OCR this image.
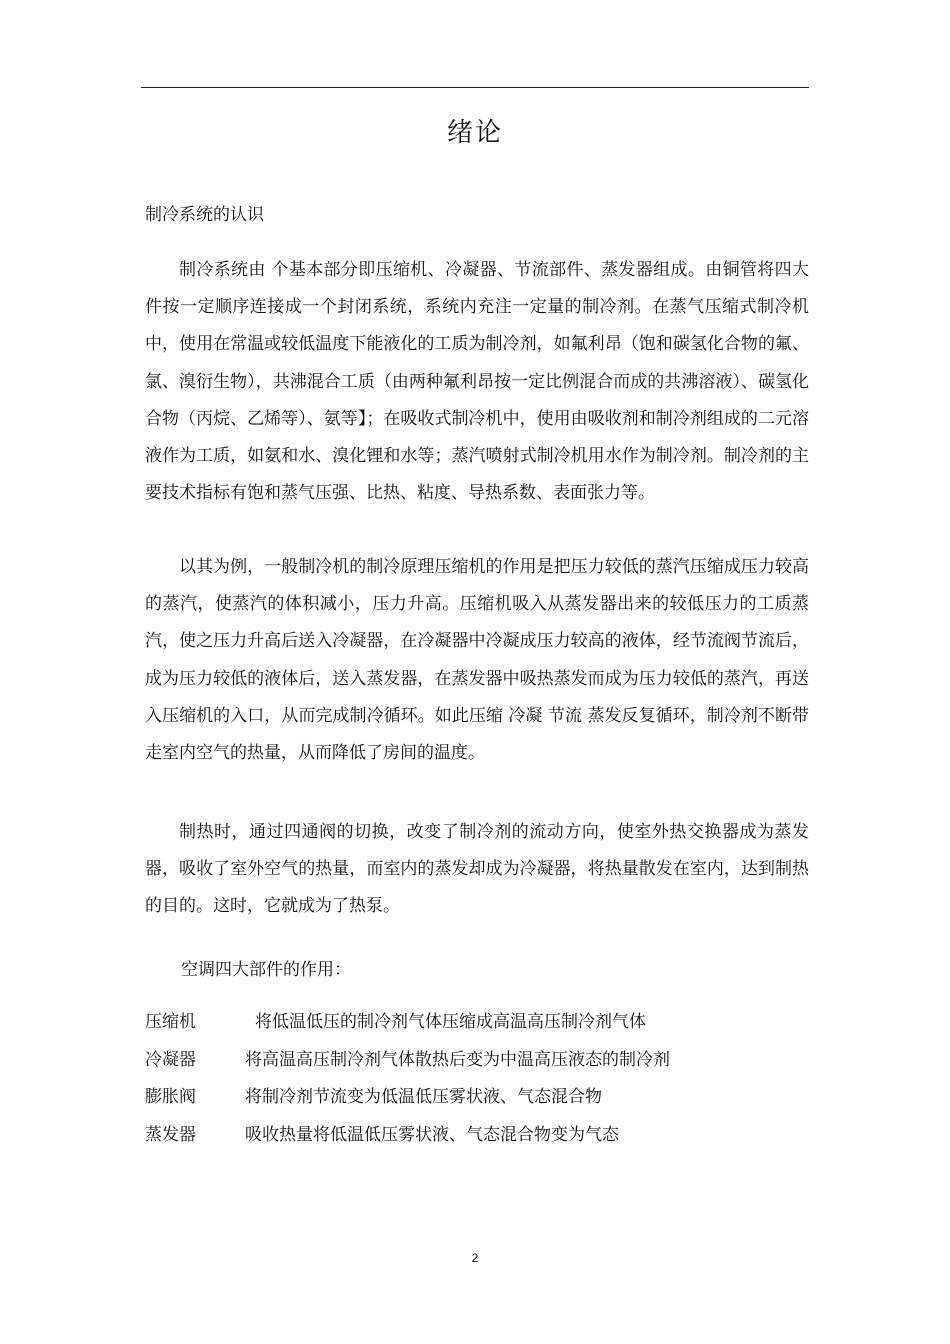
绪论
制冷系统的认识

制冷系统由 个基本部分即压缩机、冷凝器、节流部件、蒸发器组成。由铜管将四大件按一定顺序连接成一个封闭系统，系统内充注一定量的制冷剂。在蒸气压缩式制冷机中，使用在常温或较低温度下能液化的工质为制冷剂，如氟利昂（饱和碳氢化合物的氟、氯、溴衍生物），共沸混合工质（由两种氟利昂按一定比例混合而成的共沸溶液）、碳氢化合物（丙烷、乙烯等）、氨等】；在吸收式制冷机中，使用由吸收剂和制冷剂组成的二元溶液作为工质，如氨和水、溴化锂和水等；蒸汽喷射式制冷机用水作为制冷剂。制冷剂的主要技术指标有饱和蒸气压强、比热、粘度、导热系数、表面张力等。

以其为例，一般制冷机的制冷原理压缩机的作用是把压力较低的蒸汽压缩成压力较高的蒸汽，使蒸汽的体积减小，压力升高。压缩机吸入从蒸发器出来的较低压力的工质蒸汽，使之压力升高后送入冷凝器，在冷凝器中冷凝成压力较高的液体，经节流阀节流后，成为压力较低的液体后，送入蒸发器，在蒸发器中吸热蒸发而成为压力较低的蒸汽，再送入压缩机的入口，从而完成制冷循环。如此压缩 冷凝 节流 蒸发反复循环，制冷剂不断带走室内空气的热量，从而降低了房间的温度。

制热时，通过四通阀的切换，改变了制冷剂的流动方向，使室外热交换器成为蒸发器，吸收了室外空气的热量，而室内的蒸发却成为冷凝器，将热量散发在室内，达到制热的目的。这时，它就成为了热泵。

空调四大部件的作用：
压缩机	将低温低压的制冷剂气体压缩成高温高压制冷剂气体
冷凝器	将高温高压制冷剂气体散热后变为中温高压液态的制冷剂
膨胀阀	将制冷剂节流变为低温低压雾状液、气态混合物
蒸发器	吸收热量将低温低压雾状液、气态混合物变为气态
2
